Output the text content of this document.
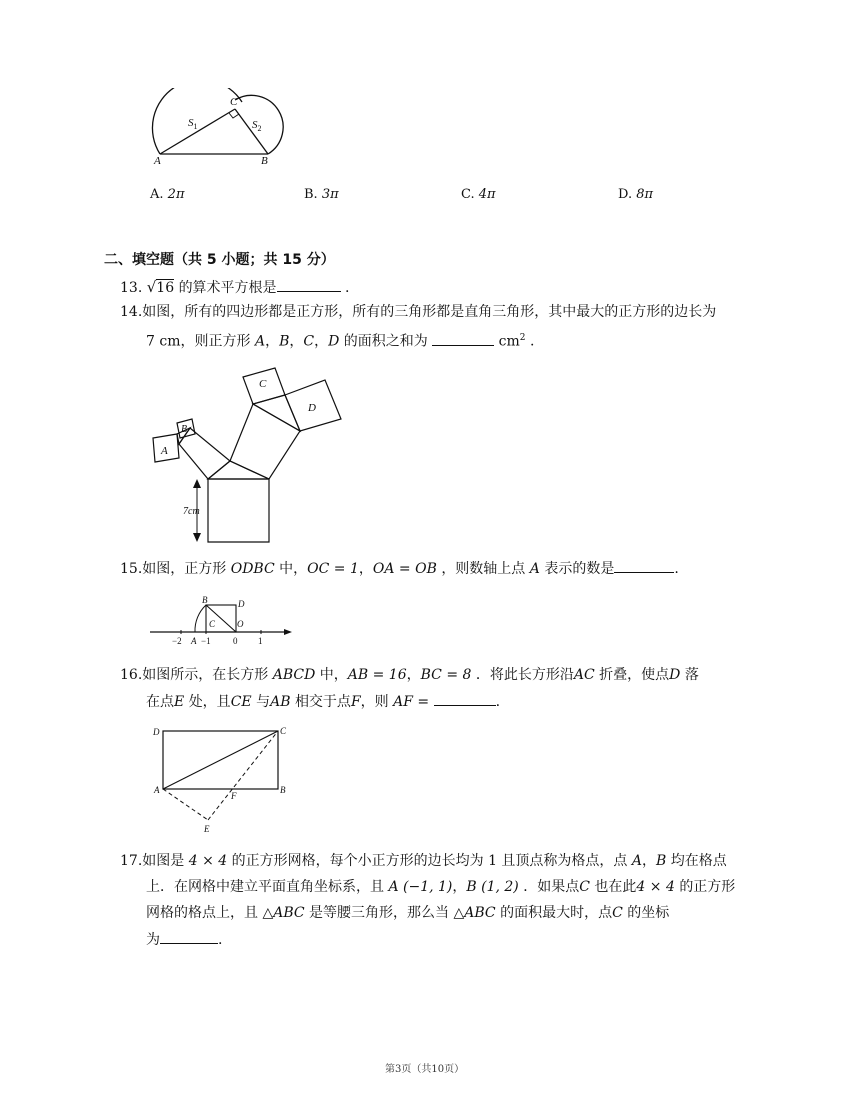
A	B
C
$S_1$	$S_2$
A. 2π	B. 3π	C. 4π	D. 8π
二、填空题（共 5 小题；共 15 分）
13. √16 的算术平方根是	.
14.如图，所有的四边形都是正方形，所有的三角形都是直角三角形，其中最大的正方形的边长为
7 cm，则正方形 A，B，C，D 的面积之和为	$cm^2$ .
A
B
C
D
7cm
15.如图，正方形 ODBC 中，OC = 1，OA = OB ，则数轴上点 A 表示的数是	.
B	D
C O
−2 A −1 0 1
16.如图所示，在长方形 ABCD 中，AB = 16，BC = 8 ．将此长方形沿AC 折叠，使点D 落
在点E 处，且CE 与AB 相交于点F，则 AF =	.
D	C
A	B
F
E
17.如图是 4 × 4 的正方形网格，每个小正方形的边长均为 1 且顶点称为格点，点 A，B 均在格点
上．在网格中建立平面直角坐标系，且 A (−1, 1)，B (1, 2) ．如果点C 也在此4 × 4 的正方形
网格的格点上，且 △ABC 是等腰三角形，那么当 △ABC 的面积最大时，点C 的坐标
为	.
第3页（共10页）
